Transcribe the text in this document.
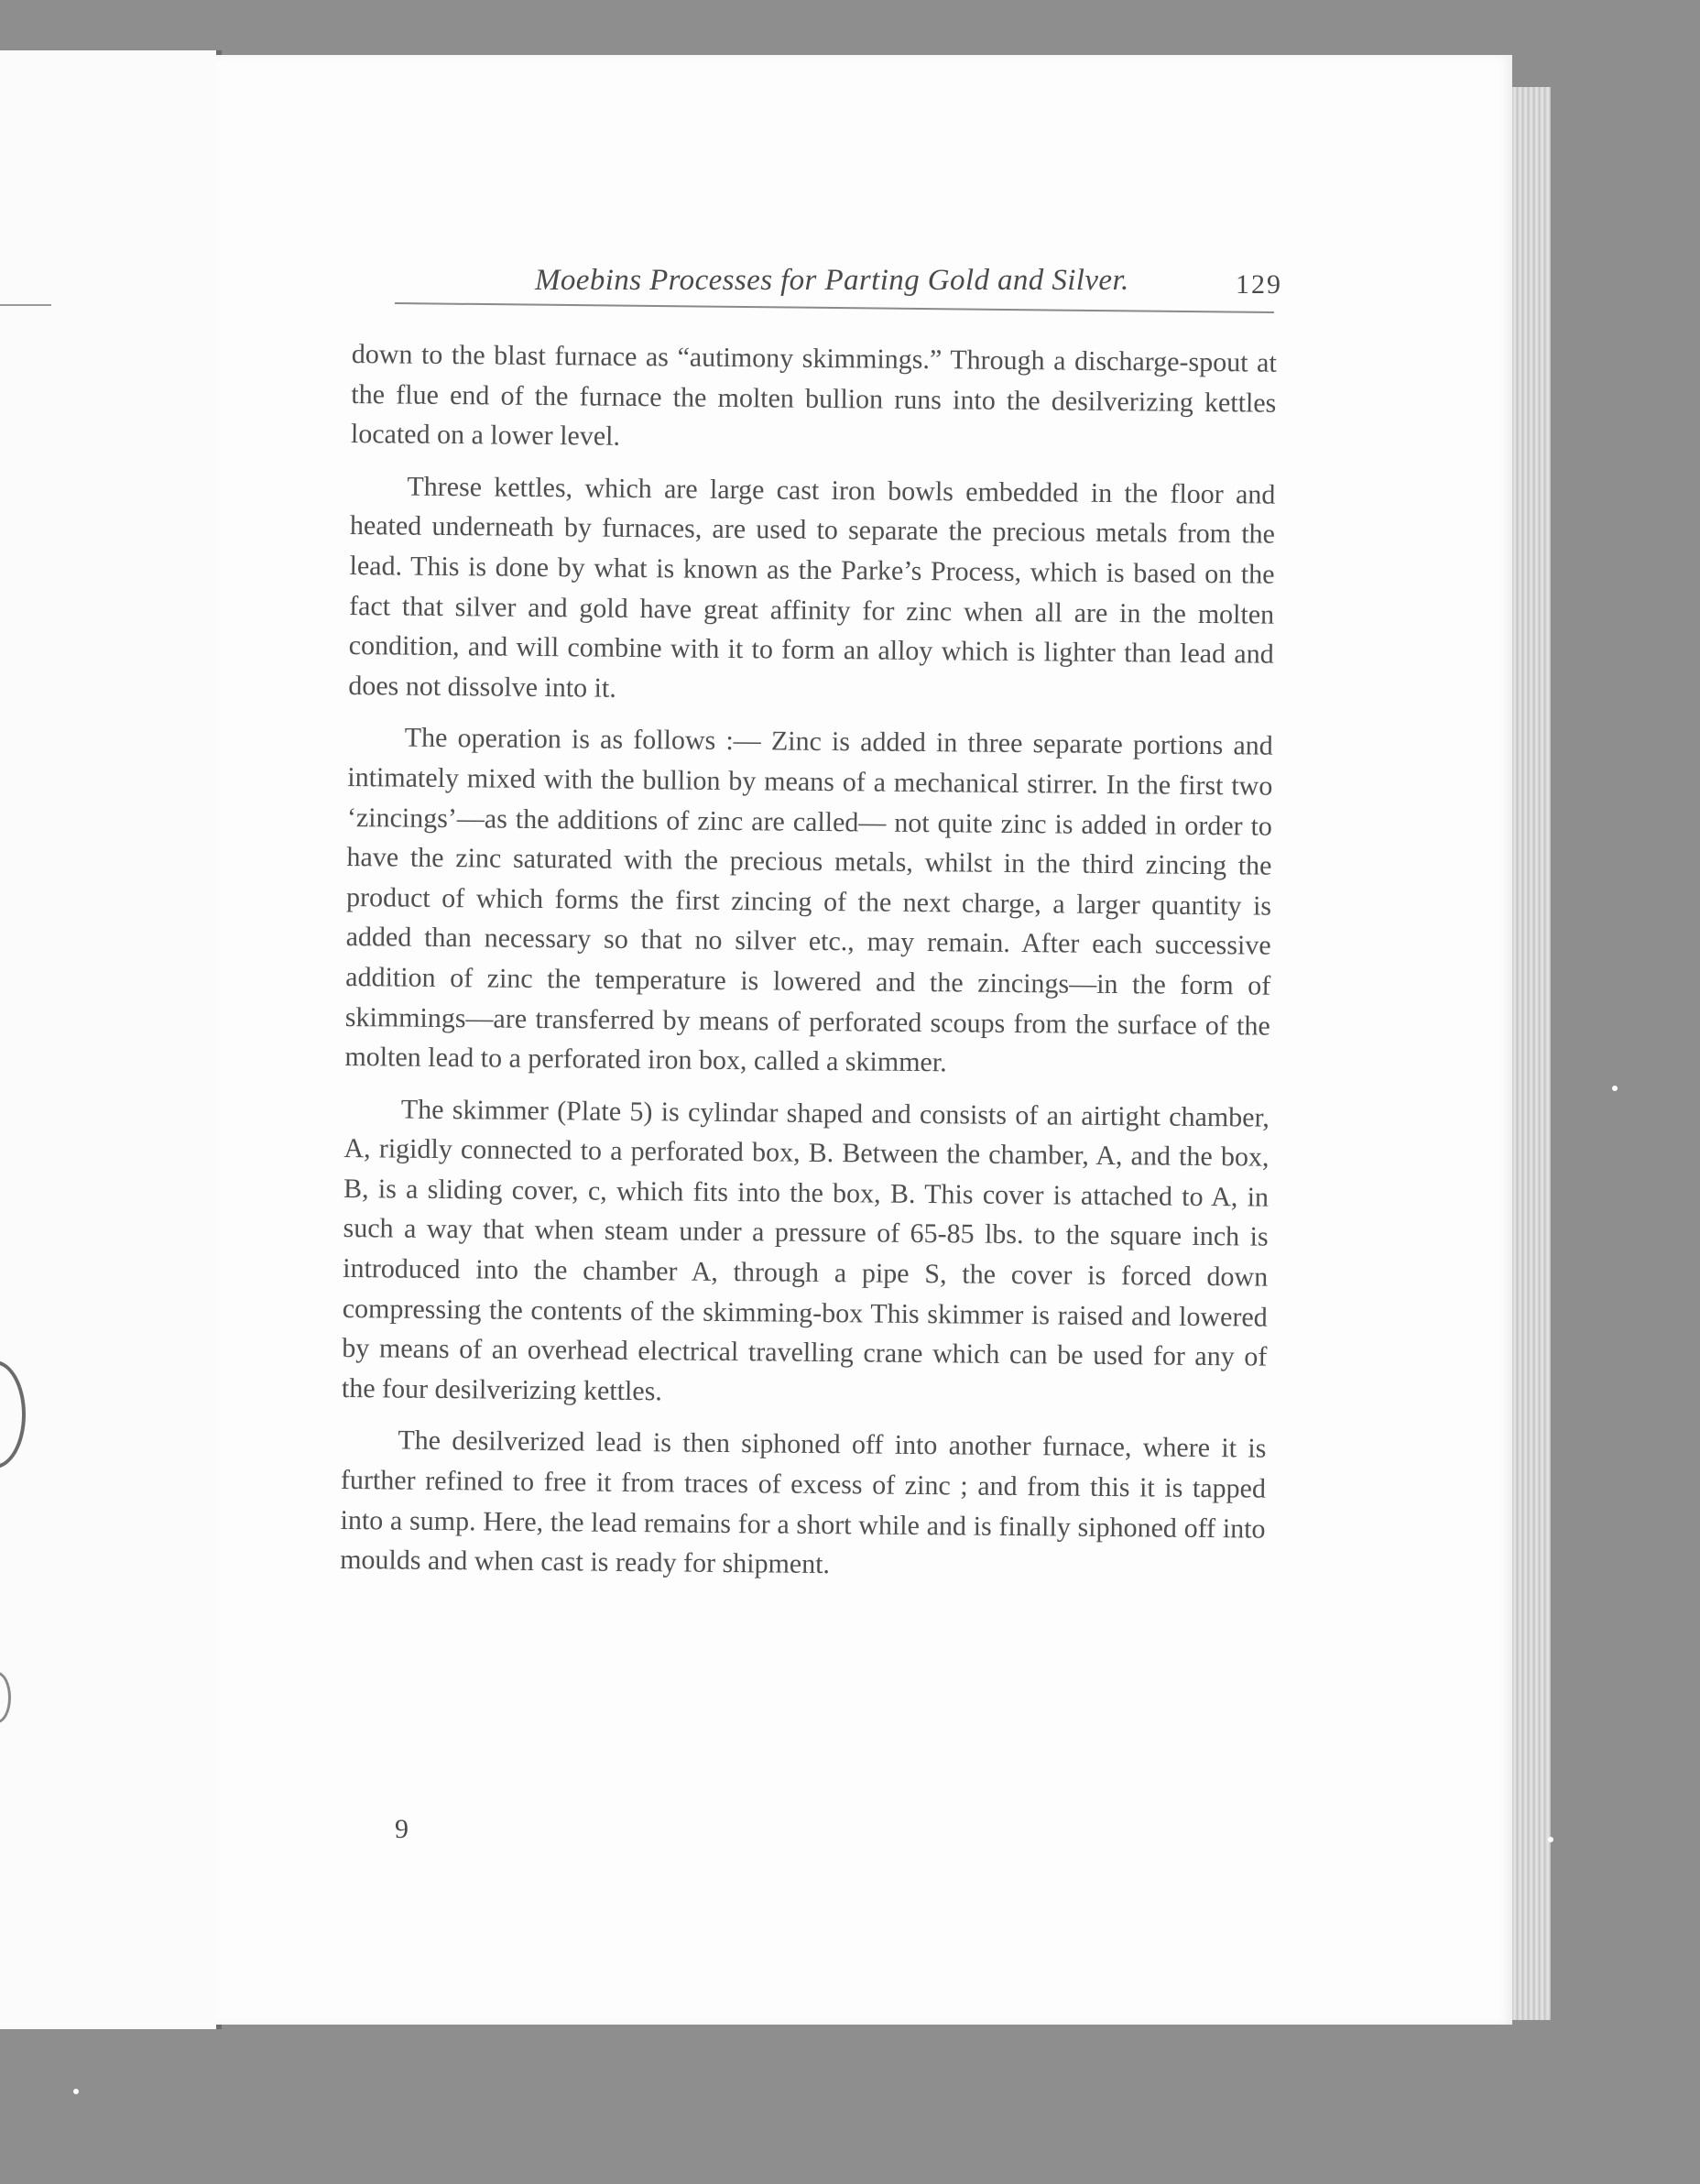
Moebins Processes for Parting Gold and Silver.	129

down to the blast furnace as “autimony skimmings.” Through a discharge-spout at the flue end of the furnace the molten bullion runs into the desilverizing kettles located on a lower level.

Threse kettles, which are large cast iron bowls embedded in the floor and heated underneath by furnaces, are used to separate the precious metals from the lead. This is done by what is known as the Parke’s Process, which is based on the fact that silver and gold have great affinity for zinc when all are in the molten condition, and will combine with it to form an alloy which is lighter than lead and does not dissolve into it.

The operation is as follows :— Zinc is added in three separate portions and intimately mixed with the bullion by means of a mechanical stirrer. In the first two ‘zincings’—as the additions of zinc are called— not quite zinc is added in order to have the zinc saturated with the precious metals, whilst in the third zincing the product of which forms the first zincing of the next charge, a larger quantity is added than necessary so that no silver etc., may remain. After each successive addition of zinc the temperature is lowered and the zincings—in the form of skimmings—are transferred by means of perforated scoups from the surface of the molten lead to a perforated iron box, called a skimmer.

The skimmer (Plate 5) is cylindar shaped and consists of an airtight chamber, A, rigidly connected to a perforated box, B. Between the chamber, A, and the box, B, is a sliding cover, c, which fits into the box, B. This cover is attached to A, in such a way that when steam under a pressure of 65-85 lbs. to the square inch is introduced into the chamber A, through a pipe S, the cover is forced down compressing the contents of the skimming-box This skimmer is raised and lowered by means of an overhead electrical travelling crane which can be used for any of the four desilverizing kettles.

The desilverized lead is then siphoned off into another furnace, where it is further refined to free it from traces of excess of zinc ; and from this it is tapped into a sump. Here, the lead remains for a short while and is finally siphoned off into moulds and when cast is ready for shipment.

9
